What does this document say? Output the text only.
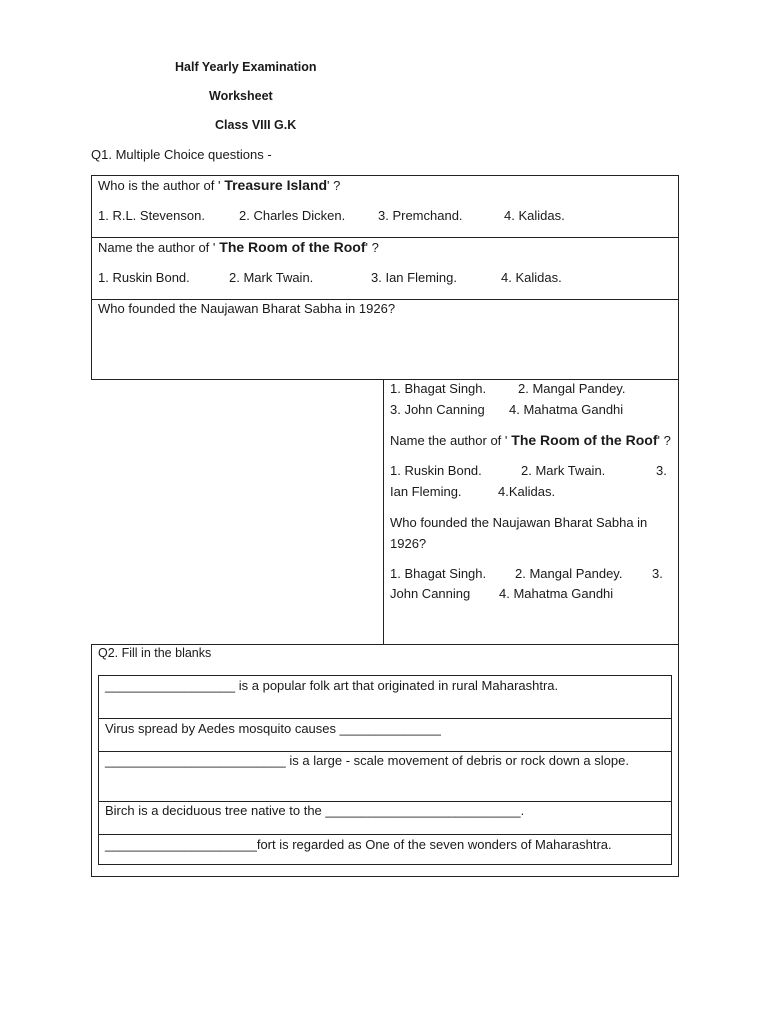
Half Yearly Examination
Worksheet
Class VIII G.K
Q1. Multiple Choice questions -
Who is the author of ' Treasure Island' ?
1. R.L. Stevenson.	2. Charles Dicken.	3. Premchand.	4. Kalidas.
Name the author of ' The Room of the Roof' ?
1. Ruskin Bond.	2. Mark Twain.	3. Ian Fleming.	4. Kalidas.
Who founded the Naujawan Bharat Sabha in 1926?
1. Bhagat Singh. 2. Mangal Pandey.
3. John Canning 4. Mahatma Gandhi
Name the author of ' The Room of the Roof' ?
1. Ruskin Bond.	2. Mark Twain.	3.
Ian Fleming.	4.Kalidas.
Who founded the Naujawan Bharat Sabha in
1926?
1. Bhagat Singh. 2. Mangal Pandey. 3.
John Canning 4. Mahatma Gandhi
Q2. Fill in the blanks
__________________ is a popular folk art that originated in rural Maharashtra.
Virus spread by Aedes mosquito causes ______________
_________________________ is a large - scale movement of debris or rock down a slope.
Birch is a deciduous tree native to the ___________________________.
_____________________fort is regarded as One of the seven wonders of Maharashtra.
